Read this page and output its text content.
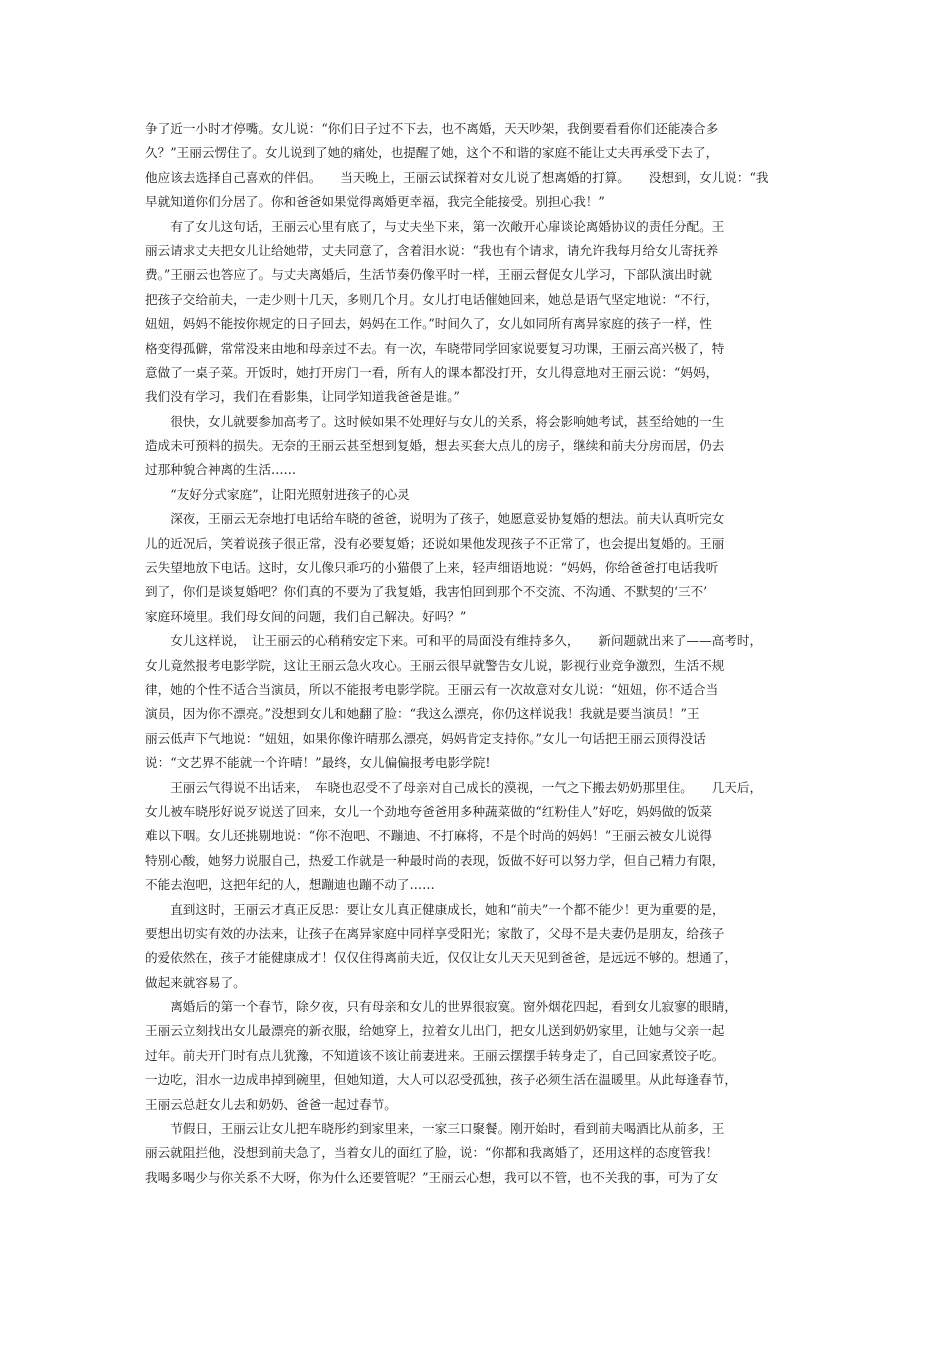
争了近一小时才停嘴。女儿说：“你们日子过不下去，也不离婚，天天吵架，我倒要看看你们还能凑合多
久？”王丽云愣住了。女儿说到了她的痛处，也提醒了她，这个不和谐的家庭不能让丈夫再承受下去了，
他应该去选择自己喜欢的伴侣。　　当天晚上，王丽云试探着对女儿说了想离婚的打算。　　没想到，女儿说：“我
早就知道你们分居了。你和爸爸如果觉得离婚更幸福，我完全能接受。别担心我！”
　　有了女儿这句话，王丽云心里有底了，与丈夫坐下来，第一次敞开心扉谈论离婚协议的责任分配。王
丽云请求丈夫把女儿让给她带，丈夫同意了，含着泪水说：“我也有个请求，请允许我每月给女儿寄抚养
费。”王丽云也答应了。与丈夫离婚后，生活节奏仍像平时一样，王丽云督促女儿学习，下部队演出时就
把孩子交给前夫，一走少则十几天，多则几个月。女儿打电话催她回来，她总是语气坚定地说：“不行，
妞妞，妈妈不能按你规定的日子回去，妈妈在工作。”时间久了，女儿如同所有离异家庭的孩子一样，性
格变得孤僻，常常没来由地和母亲过不去。有一次，车晓带同学回家说要复习功课，王丽云高兴极了，特
意做了一桌子菜。开饭时，她打开房门一看，所有人的课本都没打开，女儿得意地对王丽云说：“妈妈，
我们没有学习，我们在看影集，让同学知道我爸爸是谁。”
　　很快，女儿就要参加高考了。这时候如果不处理好与女儿的关系，将会影响她考试，甚至给她的一生
造成未可预料的损失。无奈的王丽云甚至想到复婚，想去买套大点儿的房子，继续和前夫分房而居，仍去
过那种貌合神离的生活……
　　“友好分式家庭”，让阳光照射进孩子的心灵
　　深夜，王丽云无奈地打电话给车晓的爸爸，说明为了孩子，她愿意妥协复婚的想法。前夫认真听完女
儿的近况后，笑着说孩子很正常，没有必要复婚；还说如果他发现孩子不正常了，也会提出复婚的。王丽
云失望地放下电话。这时，女儿像只乖巧的小猫偎了上来，轻声细语地说：“妈妈，你给爸爸打电话我听
到了，你们是谈复婚吧？你们真的不要为了我复婚，我害怕回到那个不交流、不沟通、不默契的‘三不’
家庭环境里。我们母女间的问题，我们自己解决。好吗？”
　　女儿这样说，　让王丽云的心稍稍安定下来。可和平的局面没有维持多久，　　新问题就出来了——高考时，
女儿竟然报考电影学院，这让王丽云急火攻心。王丽云很早就警告女儿说，影视行业竞争激烈，生活不规
律，她的个性不适合当演员，所以不能报考电影学院。王丽云有一次故意对女儿说：“妞妞，你不适合当
演员，因为你不漂亮。”没想到女儿和她翻了脸：“我这么漂亮，你仍这样说我！我就是要当演员！”王
丽云低声下气地说：“妞妞，如果你像许晴那么漂亮，妈妈肯定支持你。”女儿一句话把王丽云顶得没话
说：“文艺界不能就一个许晴！”最终，女儿偏偏报考电影学院!
　　王丽云气得说不出话来，　车晓也忍受不了母亲对自己成长的漠视，一气之下搬去奶奶那里住。　　几天后，
女儿被车晓彤好说歹说送了回来，女儿一个劲地夸爸爸用多种蔬菜做的“红粉佳人”好吃，妈妈做的饭菜
难以下咽。女儿还挑剔地说：“你不泡吧、不蹦迪、不打麻将，不是个时尚的妈妈！”王丽云被女儿说得
特别心酸，她努力说服自己，热爱工作就是一种最时尚的表现，饭做不好可以努力学，但自己精力有限，
不能去泡吧，这把年纪的人，想蹦迪也蹦不动了……
　　直到这时，王丽云才真正反思：要让女儿真正健康成长，她和“前夫”一个都不能少！更为重要的是，
要想出切实有效的办法来，让孩子在离异家庭中同样享受阳光；家散了，父母不是夫妻仍是朋友，给孩子
的爱依然在，孩子才能健康成才！仅仅住得离前夫近，仅仅让女儿天天见到爸爸，是远远不够的。想通了，
做起来就容易了。
　　离婚后的第一个春节，除夕夜，只有母亲和女儿的世界很寂寞。窗外烟花四起，看到女儿寂寥的眼睛，
王丽云立刻找出女儿最漂亮的新衣服，给她穿上，拉着女儿出门，把女儿送到奶奶家里，让她与父亲一起
过年。前夫开门时有点儿犹豫，不知道该不该让前妻进来。王丽云摆摆手转身走了，自己回家煮饺子吃。
一边吃，泪水一边成串掉到碗里，但她知道，大人可以忍受孤独，孩子必须生活在温暖里。从此每逢春节，
王丽云总赶女儿去和奶奶、爸爸一起过春节。
　　节假日，王丽云让女儿把车晓彤约到家里来，一家三口聚餐。刚开始时，看到前夫喝酒比从前多，王
丽云就阻拦他，没想到前夫急了，当着女儿的面红了脸，说：“你都和我离婚了，还用这样的态度管我！
我喝多喝少与你关系不大呀，你为什么还要管呢？”王丽云心想，我可以不管，也不关我的事，可为了女
